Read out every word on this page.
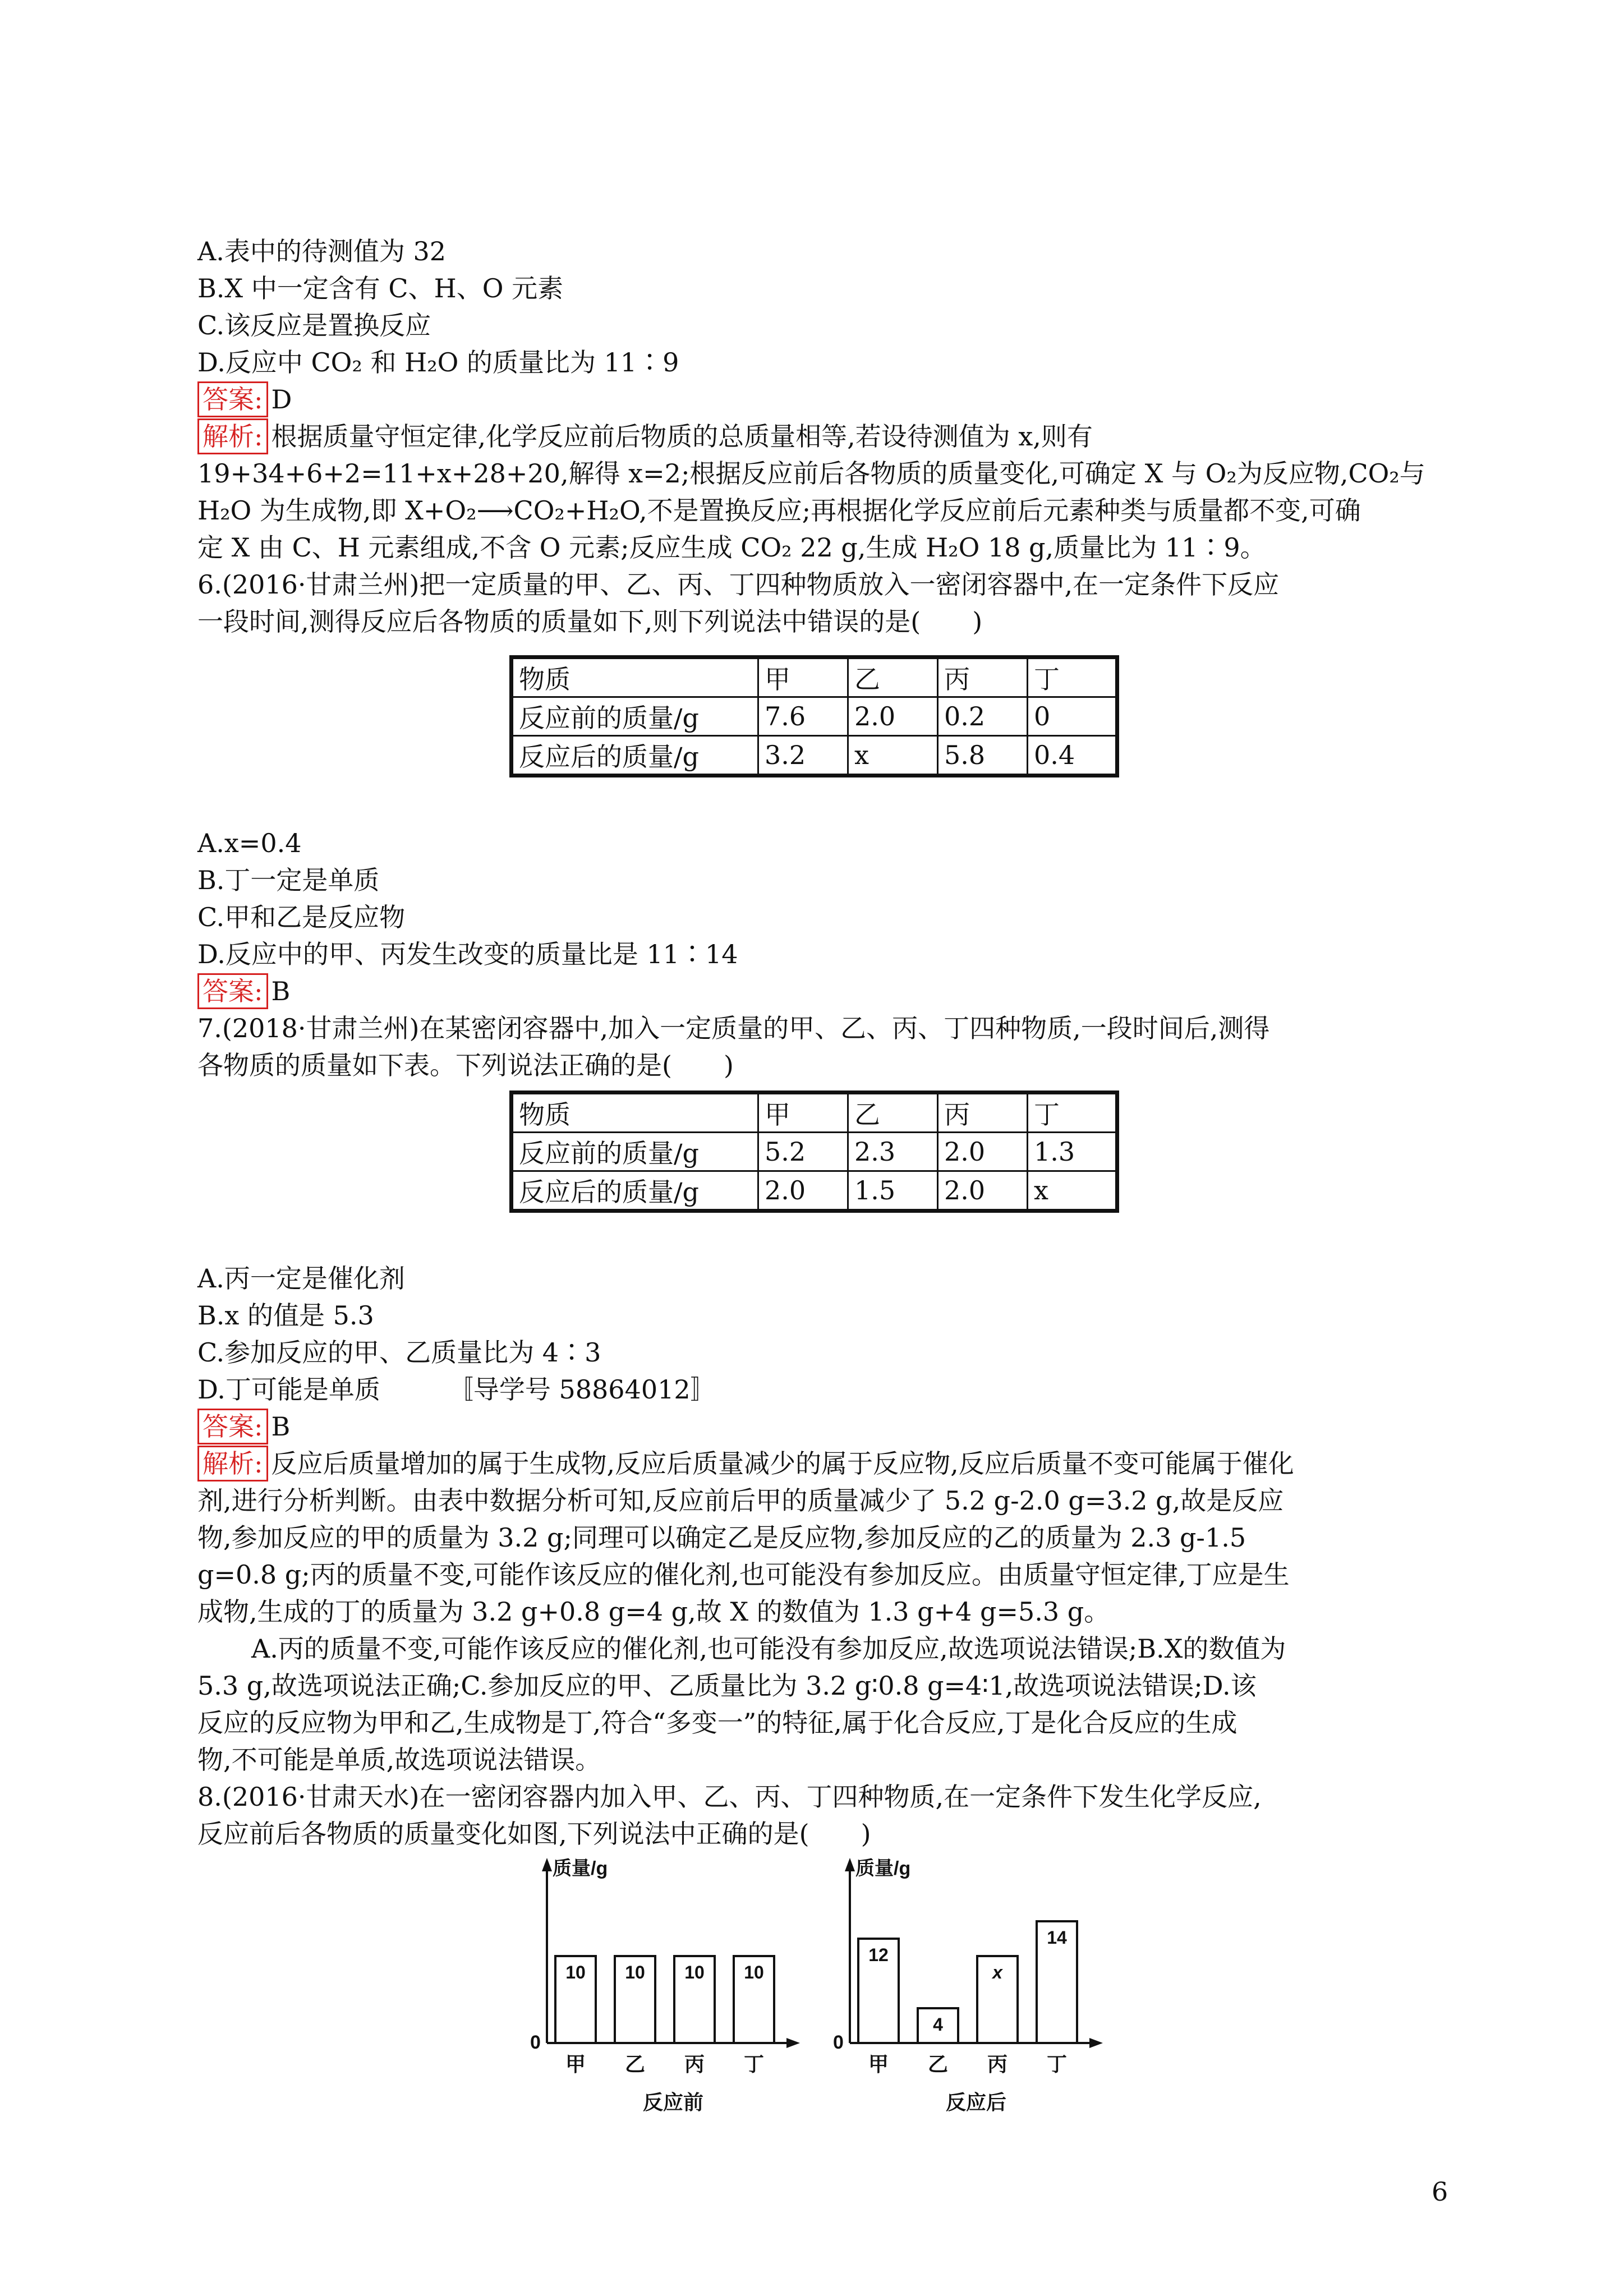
A.表中的待测值为 32
B.X 中一定含有 C、H、O 元素
C.该反应是置换反应
D.反应中 CO₂ 和 H₂O 的质量比为 11∶9
答案: D
解析: 根据质量守恒定律,化学反应前后物质的总质量相等,若设待测值为 x,则有
19+34+6+2=11+x+28+20,解得 x=2;根据反应前后各物质的质量变化,可确定 X 与 O₂为反应物,CO₂与
H₂O 为生成物,即 X+O₂⟶CO₂+H₂O,不是置换反应;再根据化学反应前后元素种类与质量都不变,可确
定 X 由 C、H 元素组成,不含 O 元素;反应生成 CO₂ 22 g,生成 H₂O 18 g,质量比为 11∶9。
6.(2016·甘肃兰州)把一定质量的甲、乙、丙、丁四种物质放入一密闭容器中,在一定条件下反应
一段时间,测得反应后各物质的质量如下,则下列说法中错误的是(　　)
物质	甲	乙	丙	丁
反应前的质量/g	7.6	2.0	0.2	0
反应后的质量/g	3.2	x	5.8	0.4
A.x=0.4
B.丁一定是单质
C.甲和乙是反应物
D.反应中的甲、丙发生改变的质量比是 11∶14
答案: B
7.(2018·甘肃兰州)在某密闭容器中,加入一定质量的甲、乙、丙、丁四种物质,一段时间后,测得
各物质的质量如下表。下列说法正确的是(　　)
物质	甲	乙	丙	丁
反应前的质量/g	5.2	2.3	2.0	1.3
反应后的质量/g	2.0	1.5	2.0	x
A.丙一定是催化剂
B.x 的值是 5.3
C.参加反应的甲、乙质量比为 4∶3
D.丁可能是单质	〚导学号 58864012〛
答案: B
解析: 反应后质量增加的属于生成物,反应后质量减少的属于反应物,反应后质量不变可能属于催化
剂,进行分析判断。由表中数据分析可知,反应前后甲的质量减少了 5.2 g-2.0 g=3.2 g,故是反应
物,参加反应的甲的质量为 3.2 g;同理可以确定乙是反应物,参加反应的乙的质量为 2.3 g-1.5
g=0.8 g;丙的质量不变,可能作该反应的催化剂,也可能没有参加反应。由质量守恒定律,丁应是生
成物,生成的丁的质量为 3.2 g+0.8 g=4 g,故 X 的数值为 1.3 g+4 g=5.3 g。
A.丙的质量不变,可能作该反应的催化剂,也可能没有参加反应,故选项说法错误;B.X的数值为
5.3 g,故选项说法正确;C.参加反应的甲、乙质量比为 3.2 g∶0.8 g=4∶1,故选项说法错误;D.该
反应的反应物为甲和乙,生成物是丁,符合“多变一”的特征,属于化合反应,丁是化合反应的生成
物,不可能是单质,故选项说法错误。
8.(2016·甘肃天水)在一密闭容器内加入甲、乙、丙、丁四种物质,在一定条件下发生化学反应,
反应前后各物质的质量变化如图,下列说法中正确的是(　　)
质量/g
0
10
甲
10
乙
10
丙
10
丁
反应前
质量/g
0
12
甲
4
乙
x
丙
14
丁
反应后
6
